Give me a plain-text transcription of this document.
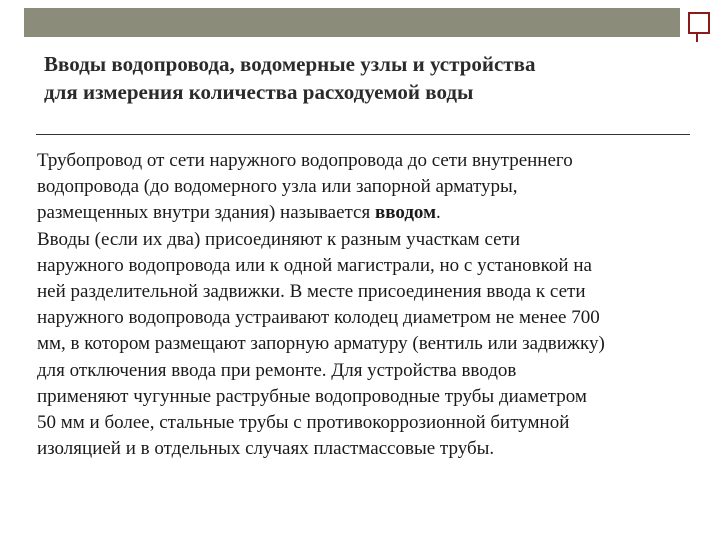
Вводы водопровода, водомерные узлы и устройства
для измерения количества расходуемой воды
Трубопровод от сети наружного водопровода до сети внутреннего
водопровода (до водомерного узла или запорной арматуры,
размещенных внутри здания) называется вводом.
Вводы (если их два) присоединяют к разным участкам сети
наружного водопровода или к одной магистрали, но с установкой на
ней разделительной задвижки. В месте присоединения ввода к сети
наружного водопровода устраивают колодец диаметром не менее 700
мм, в котором размещают запорную арматуру (вентиль или задвижку)
для отключения ввода при ремонте. Для устройства вводов
применяют чугунные раструбные водопроводные трубы диаметром
50 мм и более, стальные трубы с противокоррозионной битумной
изоляцией и в отдельных случаях пластмассовые трубы.
